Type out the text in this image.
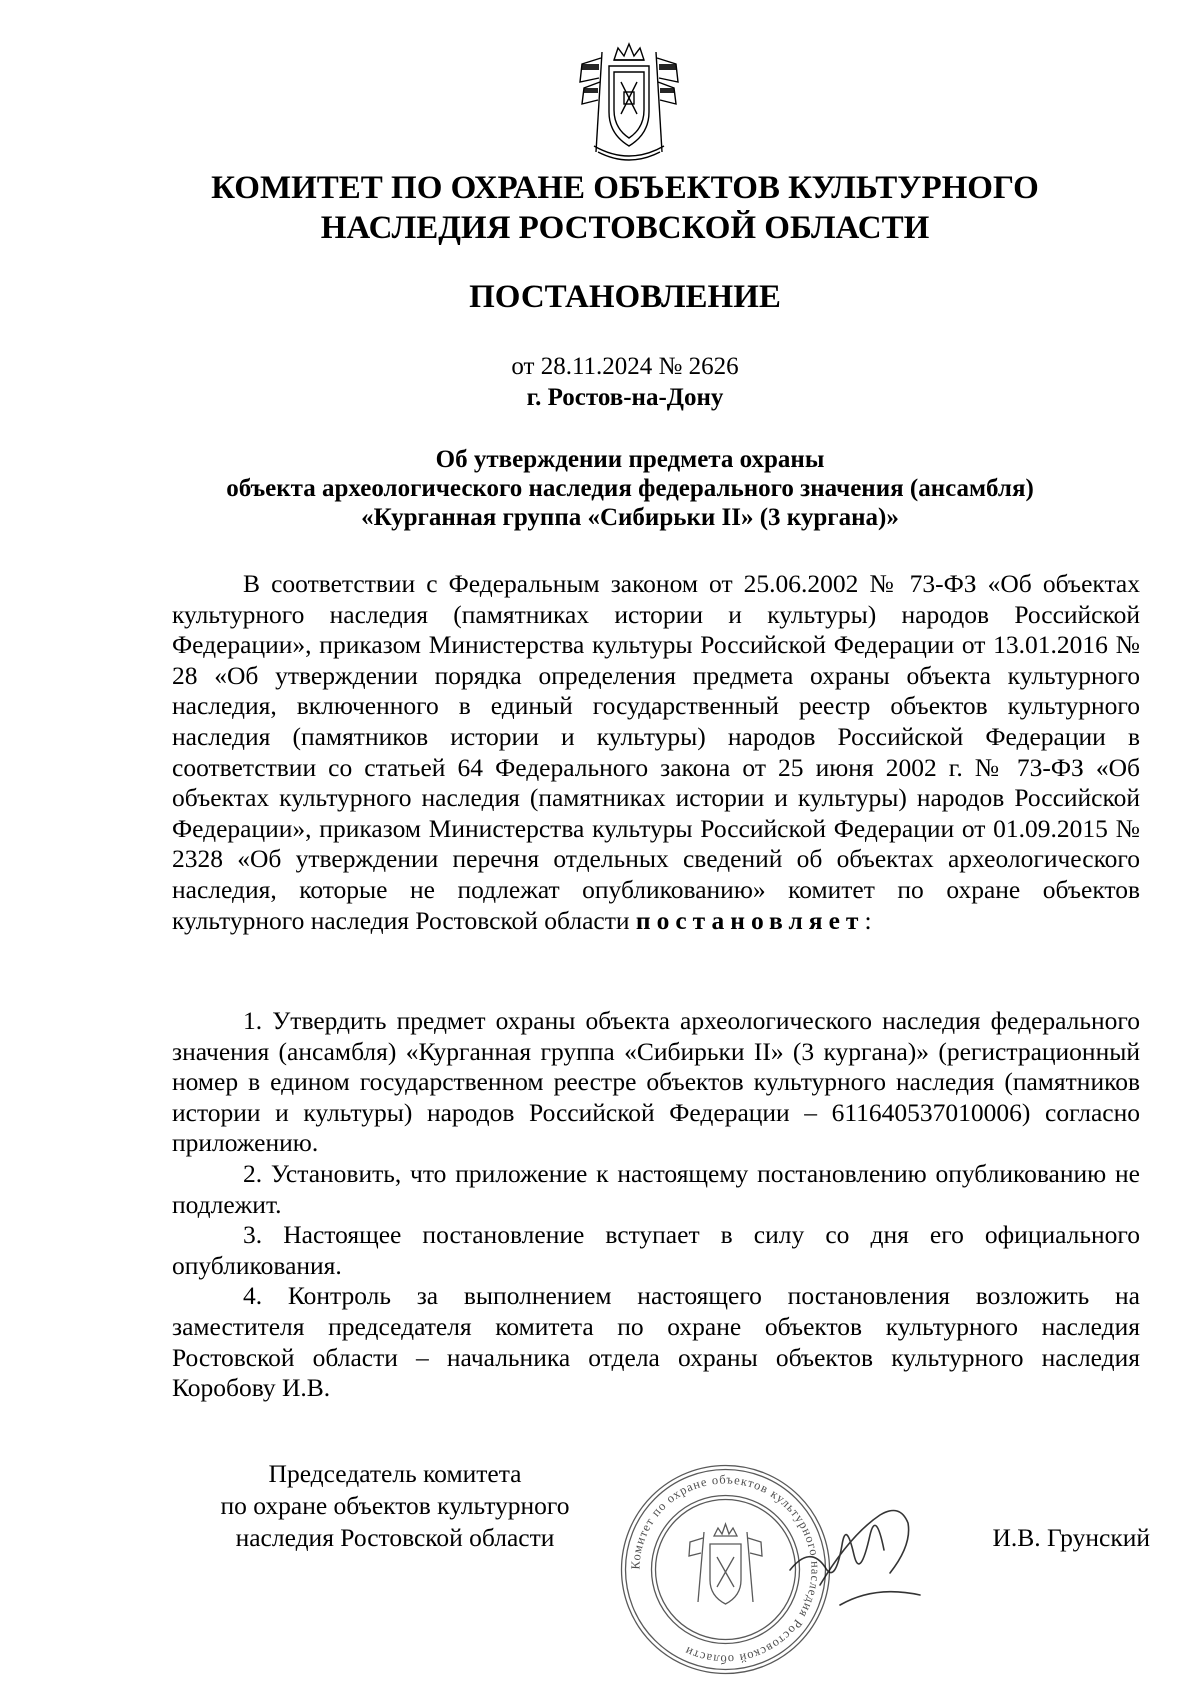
КОМИТЕТ ПО ОХРАНЕ ОБЪЕКТОВ КУЛЬТУРНОГО
НАСЛЕДИЯ РОСТОВСКОЙ ОБЛАСТИ
ПОСТАНОВЛЕНИЕ
от 28.11.2024 № 2626
г. Ростов-на-Дону
Об утверждении предмета охраны
объекта археологического наследия федерального значения (ансамбля)
«Курганная группа «Сибирьки II» (3 кургана)»

В соответствии с Федеральным законом от 25.06.2002 № 73-ФЗ «Об объектах культурного наследия (памятниках истории и культуры) народов Российской Федерации», приказом Министерства культуры Российской Федерации от 13.01.2016 № 28 «Об утверждении порядка определения предмета охраны объекта культурного наследия, включенного в единый государственный реестр объектов культурного наследия (памятников истории и культуры) народов Российской Федерации в соответствии со статьей 64 Федерального закона от 25 июня 2002 г. № 73-ФЗ «Об объектах культурного наследия (памятниках истории и культуры) народов Российской Федерации», приказом Министерства культуры Российской Федерации от 01.09.2015 № 2328 «Об утверждении перечня отдельных сведений об объектах археологического наследия, которые не подлежат опубликованию» комитет по охране объектов культурного наследия Ростовской области постановляет:

1. Утвердить предмет охраны объекта археологического наследия федерального значения (ансамбля) «Курганная группа «Сибирьки II» (3 кургана)» (регистрационный номер в едином государственном реестре объектов культурного наследия (памятников истории и культуры) народов Российской Федерации – 611640537010006) согласно приложению.

2. Установить, что приложение к настоящему постановлению опубликованию не подлежит.

3. Настоящее постановление вступает в силу со дня его официального опубликования.

4. Контроль за выполнением настоящего постановления возложить на заместителя председателя комитета по охране объектов культурного наследия Ростовской области – начальника отдела охраны объектов культурного наследия Коробову И.В.

Председатель комитета
по охране объектов культурного
наследия Ростовской области
Комитет по охране объектов культурного наследия Ростовской области
И.В. Грунский
